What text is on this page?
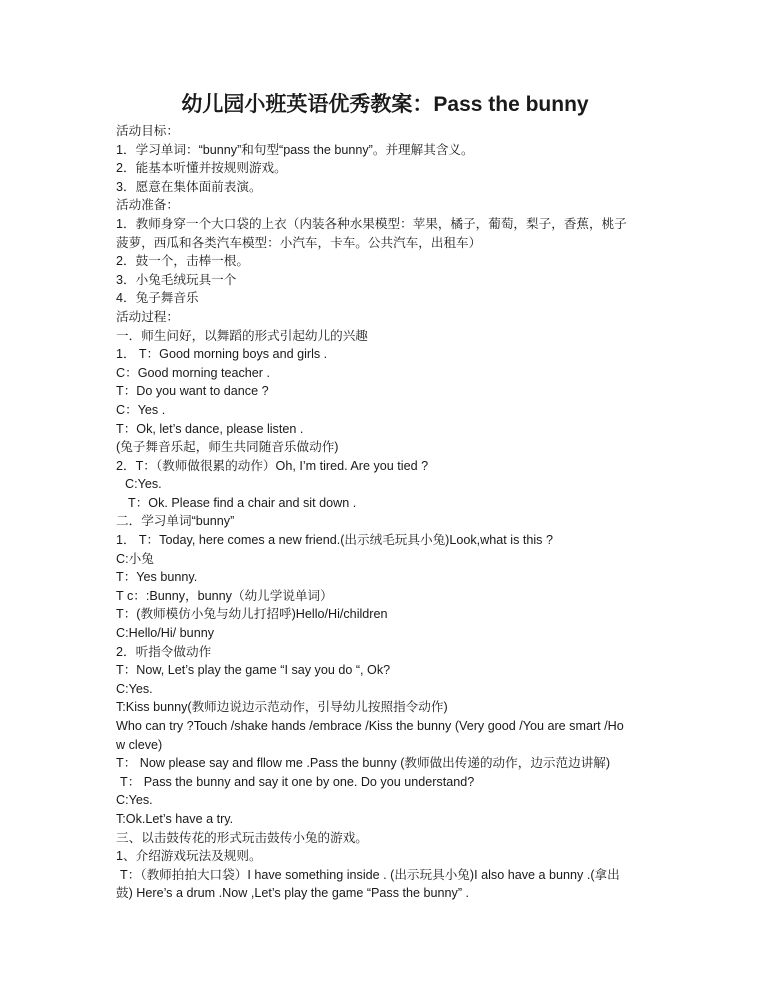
幼儿园小班英语优秀教案：Pass the bunny
活动目标：
1．学习单词：“bunny”和句型“pass the bunny”。并理解其含义。
2．能基本听懂并按规则游戏。
3．愿意在集体面前表演。
活动准备：
1．教师身穿一个大口袋的上衣（内装各种水果模型：苹果，橘子，葡萄，梨子，香蕉，桃子
菠萝，西瓜和各类汽车模型：小汽车，卡车。公共汽车，出租车）
2．鼓一个，击棒一根。
3．小兔毛绒玩具一个
4．兔子舞音乐
活动过程：
一．师生问好，以舞蹈的形式引起幼儿的兴趣
1． T：Good morning boys and girls .
C：Good morning teacher .
T：Do you want to dance ?
C：Yes .
T：Ok, let’s dance, please listen .
(兔子舞音乐起，师生共同随音乐做动作)
2．T：（教师做很累的动作）Oh, I’m tired. Are you tied ?
C:Yes.
T：Ok. Please find a chair and sit down .
二．学习单词“bunny”
1． T：Today, here comes a new friend.(出示绒毛玩具小兔)Look,what is this ?
C:小兔
T：Yes bunny.
T c：:Bunny，bunny（幼儿学说单词）
T：(教师模仿小兔与幼儿打招呼)Hello/Hi/children
C:Hello/Hi/ bunny
2．听指令做动作
T：Now, Let’s play the game “I say you do “, Ok?
C:Yes.
T:Kiss bunny(教师边说边示范动作，引导幼儿按照指令动作)
Who can try ?Touch /shake hands /embrace /Kiss the bunny (Very good /You are smart /Ho
w cleve)
T： Now please say and fllow me .Pass the bunny (教师做出传递的动作，边示范边讲解)
T： Pass the bunny and say it one by one. Do you understand?
C:Yes.
T:Ok.Let’s have a try.
三、以击鼓传花的形式玩击鼓传小兔的游戏。
1、介绍游戏玩法及规则。
T：（教师拍拍大口袋）I have something inside . (出示玩具小兔)I also have a bunny .(拿出
鼓) Here’s a drum .Now ,Let’s play the game “Pass the bunny” .
